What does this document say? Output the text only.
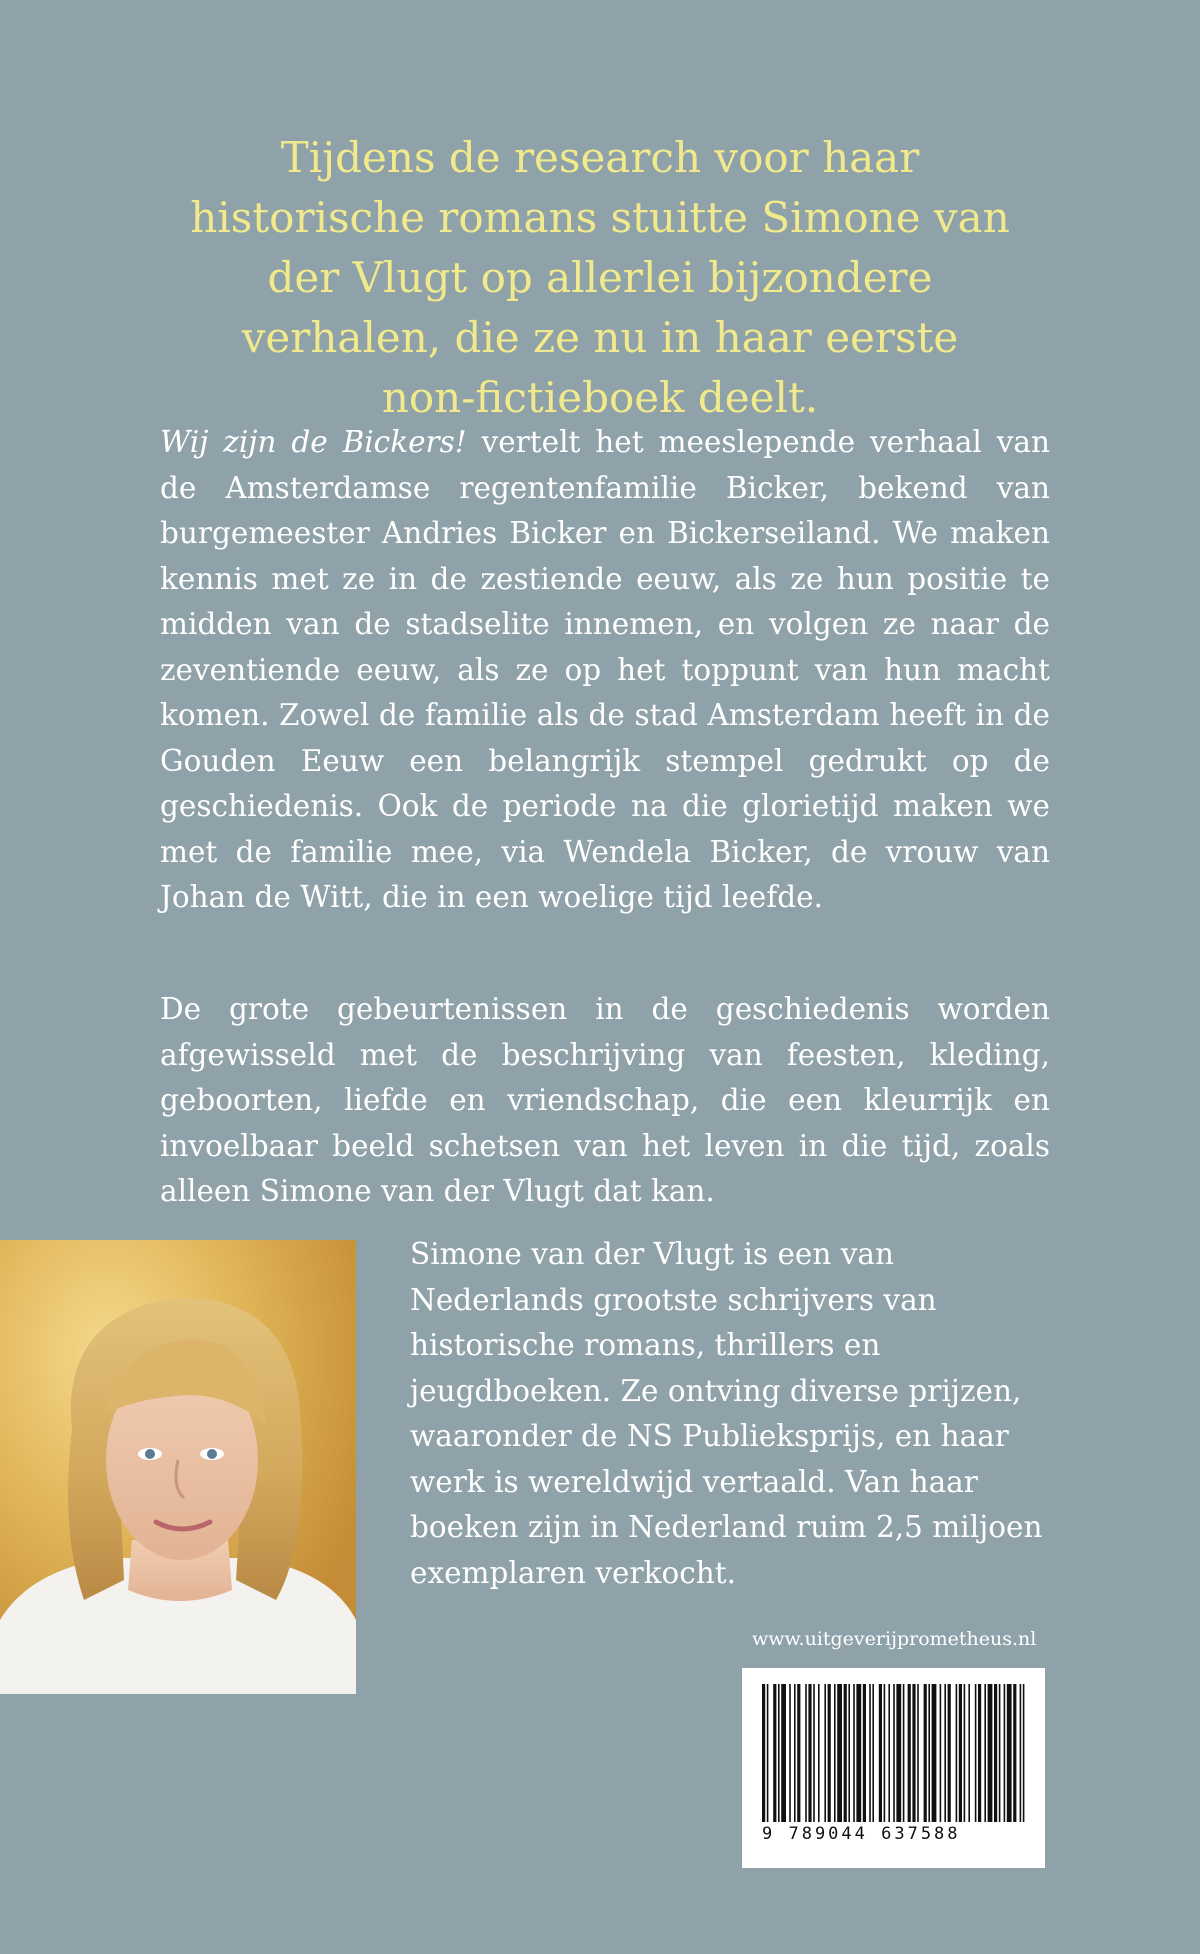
Tijdens de research voor haar historische romans stuitte Simone van der Vlugt op allerlei bijzondere verhalen, die ze nu in haar eerste non-fictieboek deelt.

Wij zijn de Bickers! vertelt het meeslepende verhaal van de Amsterdamse regentenfamilie Bicker, bekend van burgemeester Andries Bicker en Bickerseiland. We maken kennis met ze in de zestiende eeuw, als ze hun positie te midden van de stadselite innemen, en volgen ze naar de zeventiende eeuw, als ze op het toppunt van hun macht komen. Zowel de familie als de stad Amsterdam heeft in de Gouden Eeuw een belangrijk stempel gedrukt op de geschiedenis. Ook de periode na die glorietijd maken we met de familie mee, via Wendela Bicker, de vrouw van Johan de Witt, die in een woelige tijd leefde.

De grote gebeurtenissen in de geschiedenis worden afgewisseld met de beschrijving van feesten, kleding, geboorten, liefde en vriendschap, die een kleurrijk en invoelbaar beeld schetsen van het leven in die tijd, zoals alleen Simone van der Vlugt dat kan.

Simone van der Vlugt is een van Nederlands grootste schrijvers van historische romans, thrillers en jeugdboeken. Ze ontving diverse prijzen, waaronder de NS Publieksprijs, en haar werk is wereldwijd vertaald. Van haar boeken zijn in Nederland ruim 2,5 miljoen exemplaren verkocht.

www.uitgeverijprometheus.nl
9 789044 637588
